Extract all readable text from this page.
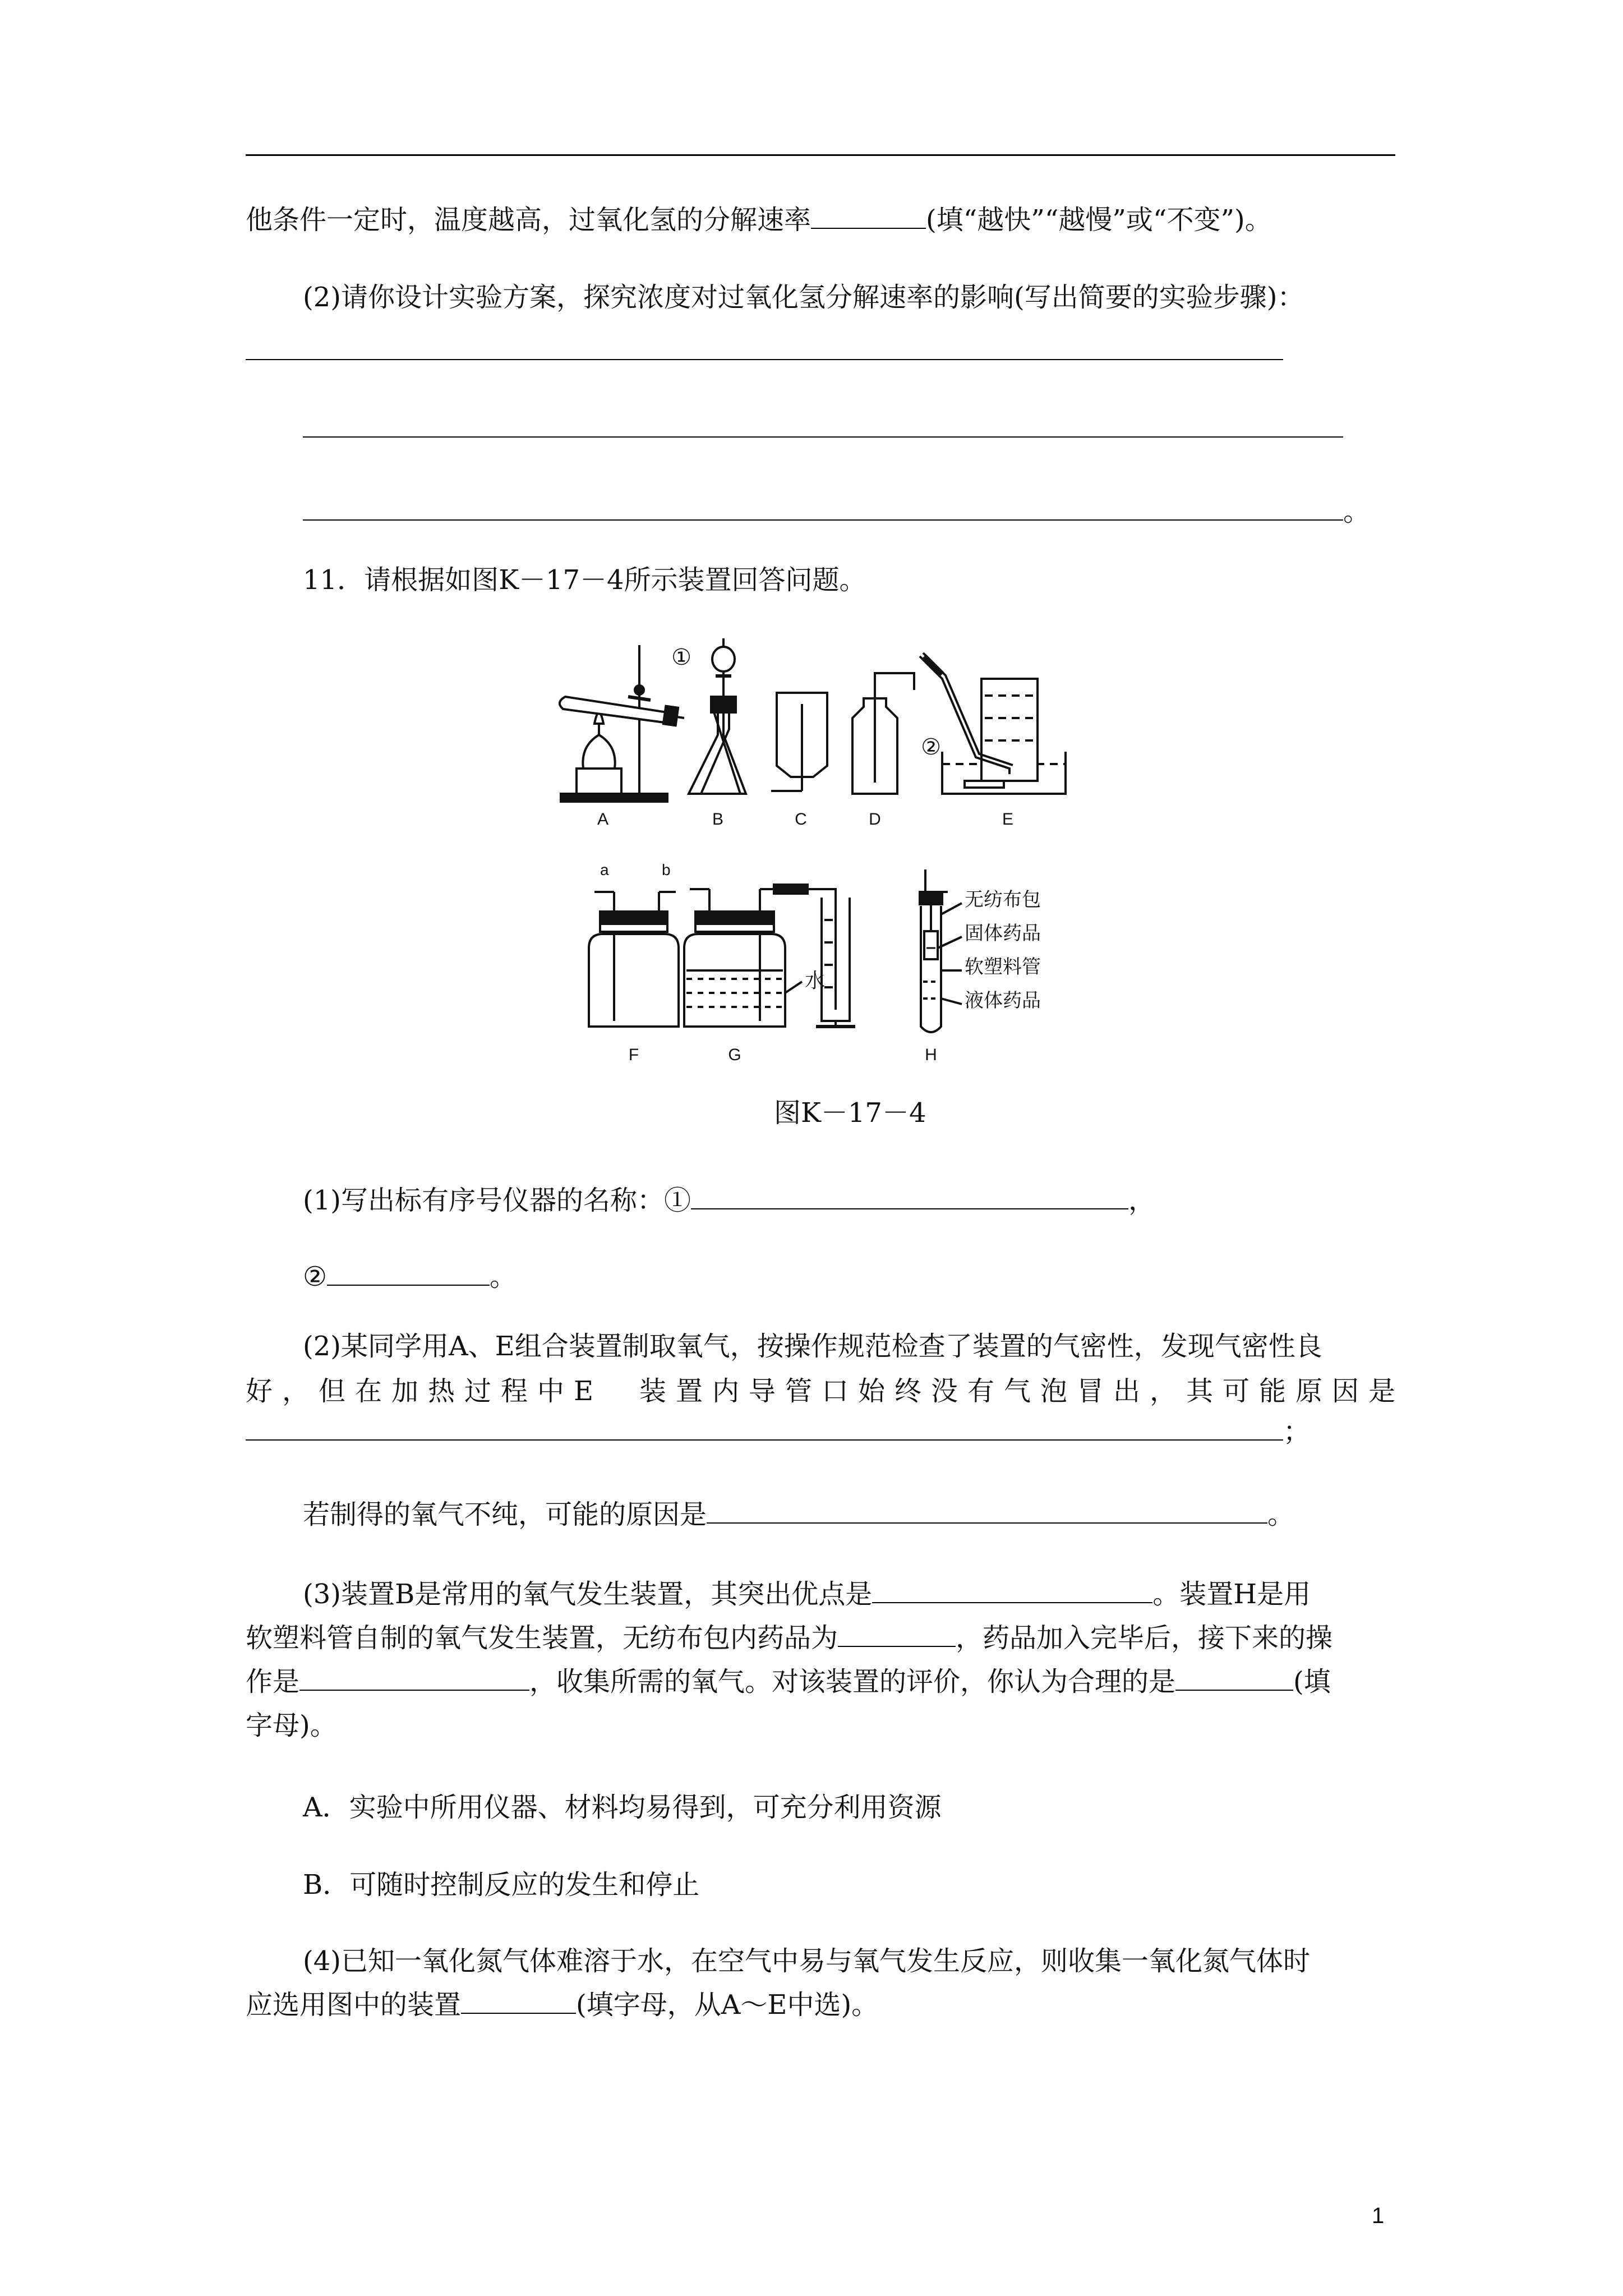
他条件一定时，温度越高，过氧化氢的分解速率	(填“越快”“越慢”或“不变”)。
(2)请你设计实验方案，探究浓度对过氧化氢分解速率的影响(写出简要的实验步骤)：
。
11．请根据如图K－17－4所示装置回答问题。
A	B
①
C	D	E
②
a	b
F
水
G
无纺布包
固体药品
软塑料管
液体药品
H
图K－17－4
(1)写出标有序号仪器的名称：①	，
②	。
(2)某同学用A、E组合装置制取氧气，按操作规范检查了装置的气密性，发现气密性良
好，但在加热过程中E　装置内导管口始终没有气泡冒出，其可能原因是
；
若制得的氧气不纯，可能的原因是	。
(3)装置B是常用的氧气发生装置，其突出优点是	。装置H是用
软塑料管自制的氧气发生装置，无纺布包内药品为	，药品加入完毕后，接下来的操
作是	，收集所需的氧气。对该装置的评价，你认为合理的是	(填
字母)。
A．实验中所用仪器、材料均易得到，可充分利用资源
B．可随时控制反应的发生和停止
(4)已知一氧化氮气体难溶于水，在空气中易与氧气发生反应，则收集一氧化氮气体时
应选用图中的装置	(填字母，从A～E中选)。
1
